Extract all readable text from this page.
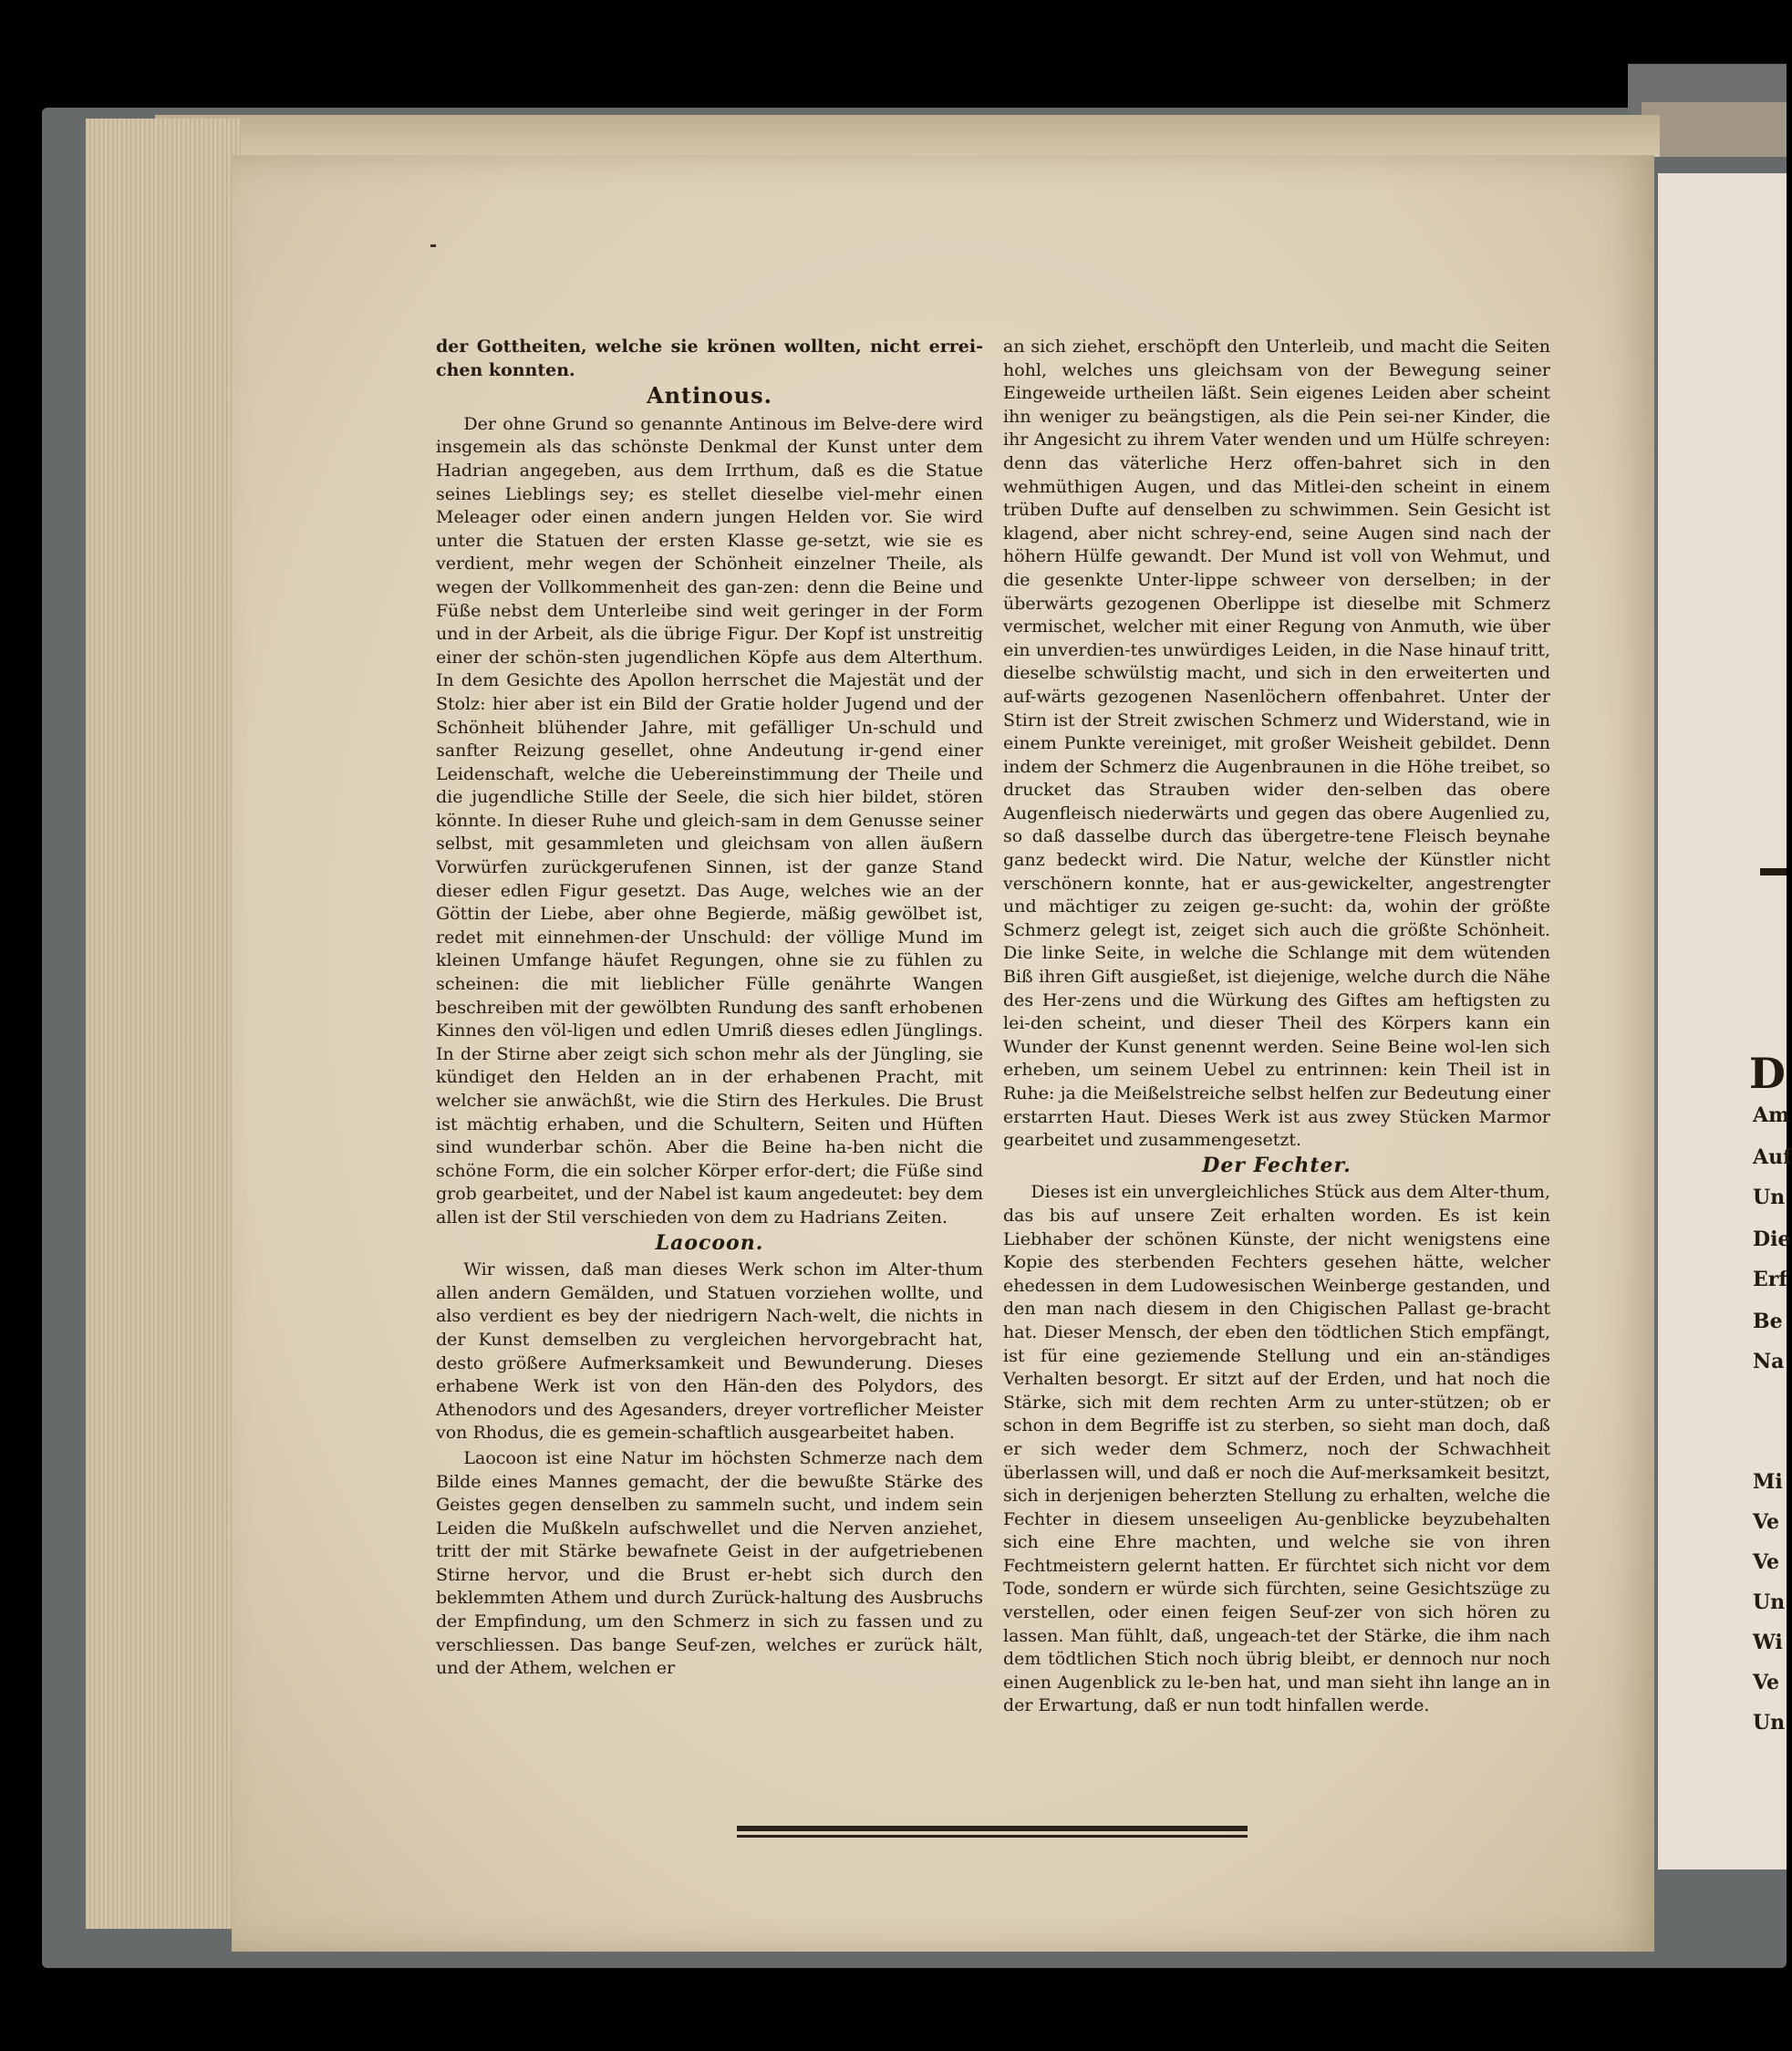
der Gottheiten, welche sie krönen wollten, nicht errei-chen konnten.

Antinous.

Der ohne Grund so genannte Antinous im Belve-dere wird insgemein als das schönste Denkmal der Kunst unter dem Hadrian angegeben, aus dem Irrthum, daß es die Statue seines Lieblings sey; es stellet dieselbe viel-mehr einen Meleager oder einen andern jungen Helden vor. Sie wird unter die Statuen der ersten Klasse ge-setzt, wie sie es verdient, mehr wegen der Schönheit einzelner Theile, als wegen der Vollkommenheit des gan-zen: denn die Beine und Füße nebst dem Unterleibe sind weit geringer in der Form und in der Arbeit, als die übrige Figur. Der Kopf ist unstreitig einer der schön-sten jugendlichen Köpfe aus dem Alterthum. In dem Gesichte des Apollon herrschet die Majestät und der Stolz: hier aber ist ein Bild der Gratie holder Jugend und der Schönheit blühender Jahre, mit gefälliger Un-schuld und sanfter Reizung gesellet, ohne Andeutung ir-gend einer Leidenschaft, welche die Uebereinstimmung der Theile und die jugendliche Stille der Seele, die sich hier bildet, stören könnte. In dieser Ruhe und gleich-sam in dem Genusse seiner selbst, mit gesammleten und gleichsam von allen äußern Vorwürfen zurückgerufenen Sinnen, ist der ganze Stand dieser edlen Figur gesetzt. Das Auge, welches wie an der Göttin der Liebe, aber ohne Begierde, mäßig gewölbet ist, redet mit einnehmen-der Unschuld: der völlige Mund im kleinen Umfange häufet Regungen, ohne sie zu fühlen zu scheinen: die mit lieblicher Fülle genährte Wangen beschreiben mit der gewölbten Rundung des sanft erhobenen Kinnes den völ-ligen und edlen Umriß dieses edlen Jünglings. In der Stirne aber zeigt sich schon mehr als der Jüngling, sie kündiget den Helden an in der erhabenen Pracht, mit welcher sie anwächßt, wie die Stirn des Herkules. Die Brust ist mächtig erhaben, und die Schultern, Seiten und Hüften sind wunderbar schön. Aber die Beine ha-ben nicht die schöne Form, die ein solcher Körper erfor-dert; die Füße sind grob gearbeitet, und der Nabel ist kaum angedeutet: bey dem allen ist der Stil verschieden von dem zu Hadrians Zeiten.

Laocoon.

Wir wissen, daß man dieses Werk schon im Alter-thum allen andern Gemälden, und Statuen vorziehen wollte, und also verdient es bey der niedrigern Nach-welt, die nichts in der Kunst demselben zu vergleichen hervorgebracht hat, desto größere Aufmerksamkeit und Bewunderung. Dieses erhabene Werk ist von den Hän-den des Polydors, des Athenodors und des Agesanders, dreyer vortreflicher Meister von Rhodus, die es gemein-schaftlich ausgearbeitet haben.

Laocoon ist eine Natur im höchsten Schmerze nach dem Bilde eines Mannes gemacht, der die bewußte Stärke des Geistes gegen denselben zu sammeln sucht, und indem sein Leiden die Mußkeln aufschwellet und die Nerven anziehet, tritt der mit Stärke bewafnete Geist in der aufgetriebenen Stirne hervor, und die Brust er-hebt sich durch den beklemmten Athem und durch Zurück-haltung des Ausbruchs der Empfindung, um den Schmerz in sich zu fassen und zu verschliessen. Das bange Seuf-zen, welches er zurück hält, und der Athem, welchen er

an sich ziehet, erschöpft den Unterleib, und macht die Seiten hohl, welches uns gleichsam von der Bewegung seiner Eingeweide urtheilen läßt. Sein eigenes Leiden aber scheint ihn weniger zu beängstigen, als die Pein sei-ner Kinder, die ihr Angesicht zu ihrem Vater wenden und um Hülfe schreyen: denn das väterliche Herz offen-bahret sich in den wehmüthigen Augen, und das Mitlei-den scheint in einem trüben Dufte auf denselben zu schwimmen. Sein Gesicht ist klagend, aber nicht schrey-end, seine Augen sind nach der höhern Hülfe gewandt. Der Mund ist voll von Wehmut, und die gesenkte Unter-lippe schweer von derselben; in der überwärts gezogenen Oberlippe ist dieselbe mit Schmerz vermischet, welcher mit einer Regung von Anmuth, wie über ein unverdien-tes unwürdiges Leiden, in die Nase hinauf tritt, dieselbe schwülstig macht, und sich in den erweiterten und auf-wärts gezogenen Nasenlöchern offenbahret. Unter der Stirn ist der Streit zwischen Schmerz und Widerstand, wie in einem Punkte vereiniget, mit großer Weisheit gebildet. Denn indem der Schmerz die Augenbraunen in die Höhe treibet, so drucket das Strauben wider den-selben das obere Augenfleisch niederwärts und gegen das obere Augenlied zu, so daß dasselbe durch das übergetre-tene Fleisch beynahe ganz bedeckt wird. Die Natur, welche der Künstler nicht verschönern konnte, hat er aus-gewickelter, angestrengter und mächtiger zu zeigen ge-sucht: da, wohin der größte Schmerz gelegt ist, zeiget sich auch die größte Schönheit. Die linke Seite, in welche die Schlange mit dem wütenden Biß ihren Gift ausgießet, ist diejenige, welche durch die Nähe des Her-zens und die Würkung des Giftes am heftigsten zu lei-den scheint, und dieser Theil des Körpers kann ein Wunder der Kunst genennt werden. Seine Beine wol-len sich erheben, um seinem Uebel zu entrinnen: kein Theil ist in Ruhe: ja die Meißelstreiche selbst helfen zur Bedeutung einer erstarrten Haut. Dieses Werk ist aus zwey Stücken Marmor gearbeitet und zusammengesetzt.

Der Fechter.

Dieses ist ein unvergleichliches Stück aus dem Alter-thum, das bis auf unsere Zeit erhalten worden. Es ist kein Liebhaber der schönen Künste, der nicht wenigstens eine Kopie des sterbenden Fechters gesehen hätte, welcher ehedessen in dem Ludowesischen Weinberge gestanden, und den man nach diesem in den Chigischen Pallast ge-bracht hat. Dieser Mensch, der eben den tödtlichen Stich empfängt, ist für eine geziemende Stellung und ein an-ständiges Verhalten besorgt. Er sitzt auf der Erden, und hat noch die Stärke, sich mit dem rechten Arm zu unter-stützen; ob er schon in dem Begriffe ist zu sterben, so sieht man doch, daß er sich weder dem Schmerz, noch der Schwachheit überlassen will, und daß er noch die Auf-merksamkeit besitzt, sich in derjenigen beherzten Stellung zu erhalten, welche die Fechter in diesem unseeligen Au-genblicke beyzubehalten sich eine Ehre machten, und welche sie von ihren Fechtmeistern gelernt hatten. Er fürchtet sich nicht vor dem Tode, sondern er würde sich fürchten, seine Gesichtszüge zu verstellen, oder einen feigen Seuf-zer von sich hören zu lassen. Man fühlt, daß, ungeach-tet der Stärke, die ihm nach dem tödtlichen Stich noch übrig bleibt, er dennoch nur noch einen Augenblick zu le-ben hat, und man sieht ihn lange an in der Erwartung, daß er nun todt hinfallen werde.

D
Am
Auf
Un
Die
Erf
Be
Na
Mi
Ve
Ve
Un
Wi
Ve
Un
